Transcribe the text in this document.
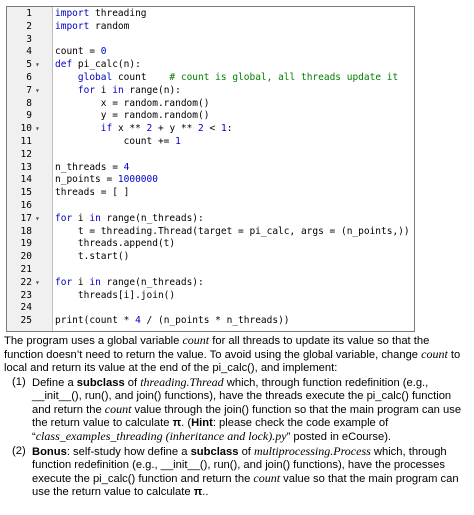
1 import threading
2 import random
3
4 count = 0
5 ▾ def pi_calc(n):
6	global count    # count is global, all threads update it
7 ▾	for i in range(n):
8 x = random.random()
9 y = random.random()
10 ▾	if x ** 2 + y ** 2 < 1:
11 count += 1
12
13 n_threads = 4
14 n_points = 1000000
15 threads = [ ]
16
17 ▾ for i in range(n_threads):
18 t = threading.Thread(target = pi_calc, args = (n_points,))
19 threads.append(t)
20 t.start()
21
22 ▾ for i in range(n_threads):
23 threads[i].join()
24
25 print(count * 4 / (n_points * n_threads))

The program uses a global variable count for all threads to update its value so that the function doesn’t need to return the value. To avoid using the global variable, change count to local and return its value at the end of the pi_calc(), and implement:

(1) Define a subclass of threading.Thread which, through function redefinition (e.g., __init__(), run(), and join() functions), have the threads execute the pi_calc() function and return the count value through the join() function so that the main program can use the return value to calculate π. (Hint: please check the code example of “class_examples_threading (inheritance and lock).py” posted in eCourse).
(2) Bonus: self-study how define a subclass of multiprocessing.Process which, through function redefinition (e.g., __init__(), run(), and join() functions), have the processes execute the pi_calc() function and return the count value so that the main program can use the return value to calculate π..
